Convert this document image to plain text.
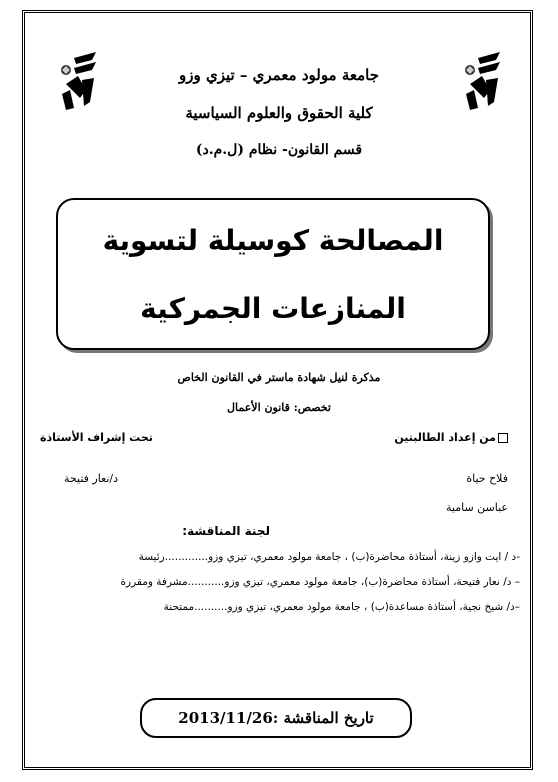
جامعة مولود معمري – تيزي وزو
كلية الحقوق والعلوم السياسية
قسم القانون- نظام (ل.م.د)
المصالحة كوسيلة لتسوية
المنازعات الجمركية
مذكرة لنيل شهادة ماستر في القانون الخاص
تخصص: قانون الأعمال
من إعداد الطالبتين
تحت إشراف الأستاذة
فلاح حياة
عباسن سامية
د/نعار فتيحة
لجنة المناقشة:
-د / ايت وازو زينة، أستاذة محاضرة(ب) ، جامعة مولود معمري، تيزي وزو.............رئيسة
– د/ نعار فتيحة، أستاذة محاضرة(ب)، جامعة مولود معمري، تيزي وزو...........مشرفة ومقررة
–د/ شيخ نجية، أستاذة مساعدة(ب) ، جامعة مولود معمري، تيزي وزو..........ممتحنة
تاريخ المناقشة :2013/11/26
